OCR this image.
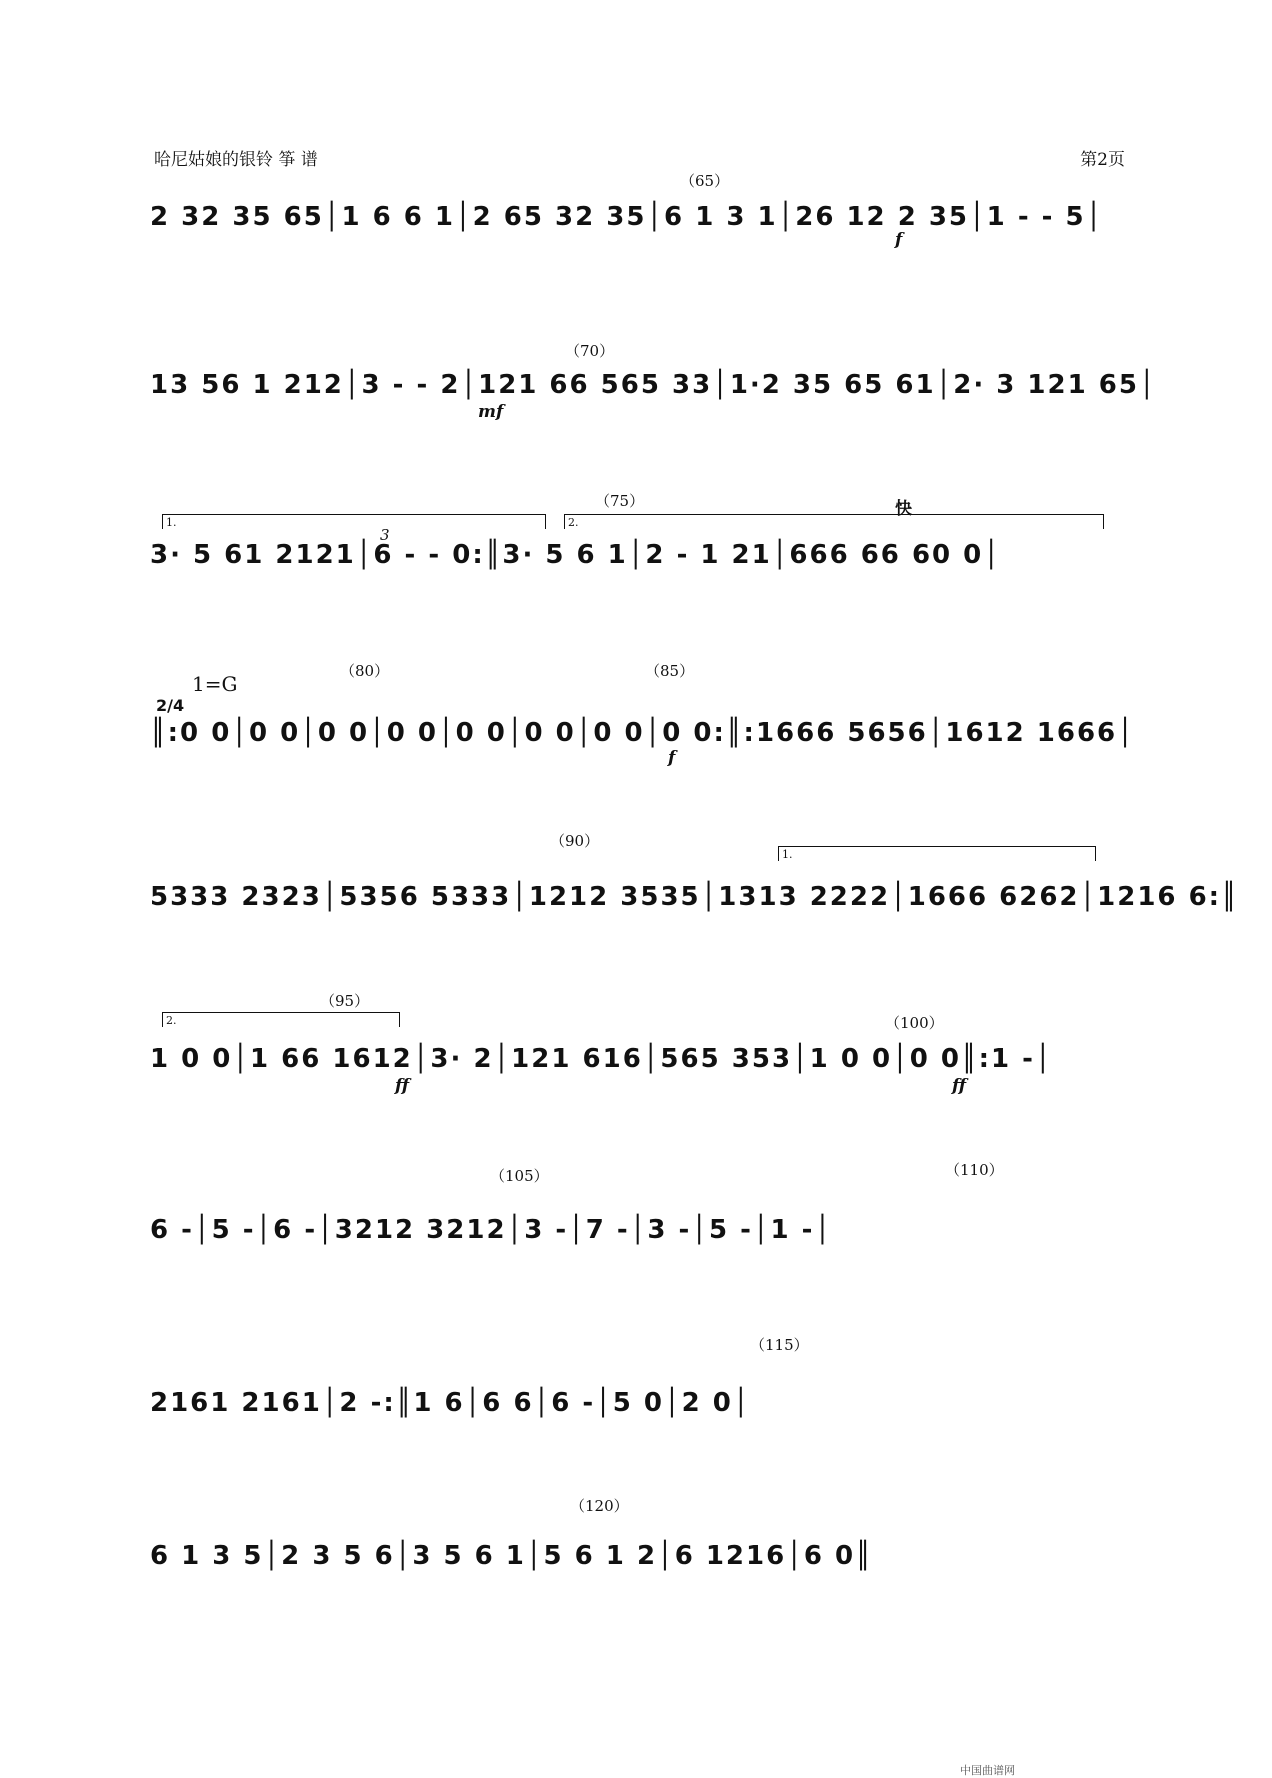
哈尼姑娘的银铃 筝 谱	第2页
（65）
2 32 35 65│1 6 6 1│2 65 32 35│6 1 3 1│26 12 2 35│1 - - 5│
f
（70）
13 56 1 212│3 - - 2│121 66 565 33│1·2 35 65 61│2· 3 121 65│
mf
1.	2.
（75）	快
3
3· 5 61 2121│6 - - 0:║3· 5 6 1│2 - 1 21│666 66 60 0│
1=G
（80）	（85）
2/4
║:0 0│0 0│0 0│0 0│0 0│0 0│0 0│0 0:║:1666 5656│1612 1666│
f
（90）
1.
5333 2323│5356 5333│1212 3535│1313 2222│1666 6262│1216 6:║
2.
（95）
（100）
1 0 0│1 66 1612│3· 2│121 616│565 353│1 0 0│0 0║:1 -│
ff	ff
（105）	（110）
6 -│5 -│6 -│3212 3212│3 -│7 -│3 -│5 -│1 -│
（115）
2161 2161│2 -:║1 6│6 6│6 -│5 0│2 0│
（120）
6 1 3 5│2 3 5 6│3 5 6 1│5 6 1 2│6 1216│6 0║
中国曲谱网
